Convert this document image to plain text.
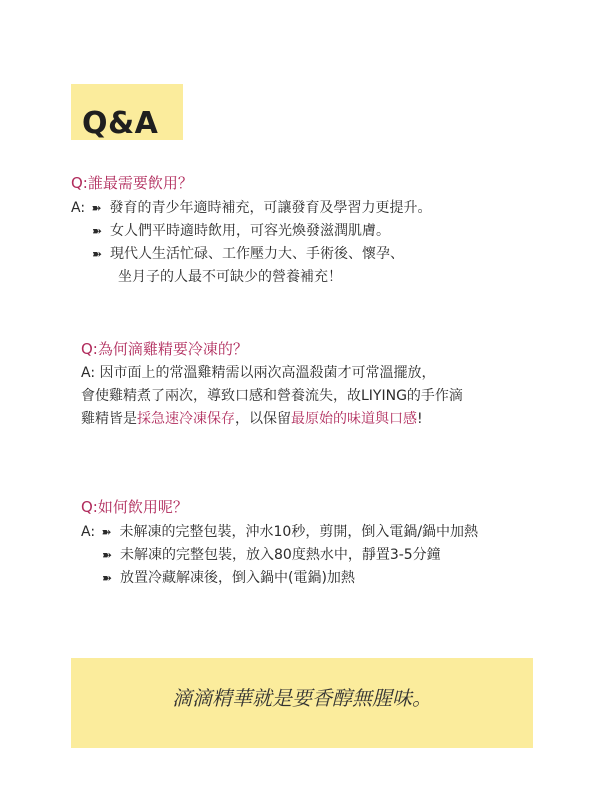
Q&A
Q:誰最需要飲用？
A: ➽ 發育的青少年適時補充，可讓發育及學習力更提升。
➽ 女人們平時適時飲用，可容光煥發滋潤肌膚。
➽ 現代人生活忙碌、工作壓力大、手術後、懷孕、
坐月子的人最不可缺少的營養補充！
Q:為何滴雞精要冷凍的？
A: 因市面上的常溫雞精需以兩次高溫殺菌才可常溫擺放，
會使雞精煮了兩次，導致口感和營養流失，故LIYING的手作滴
雞精皆是採急速冷凍保存，以保留最原始的味道與口感!
Q:如何飲用呢？
A: ➽ 未解凍的完整包裝，沖水10秒，剪開，倒入電鍋/鍋中加熱
➽ 未解凍的完整包裝，放入80度熱水中，靜置3-5分鐘
➽ 放置冷藏解凍後，倒入鍋中(電鍋)加熱
滴滴精華就是要香醇無腥味。
